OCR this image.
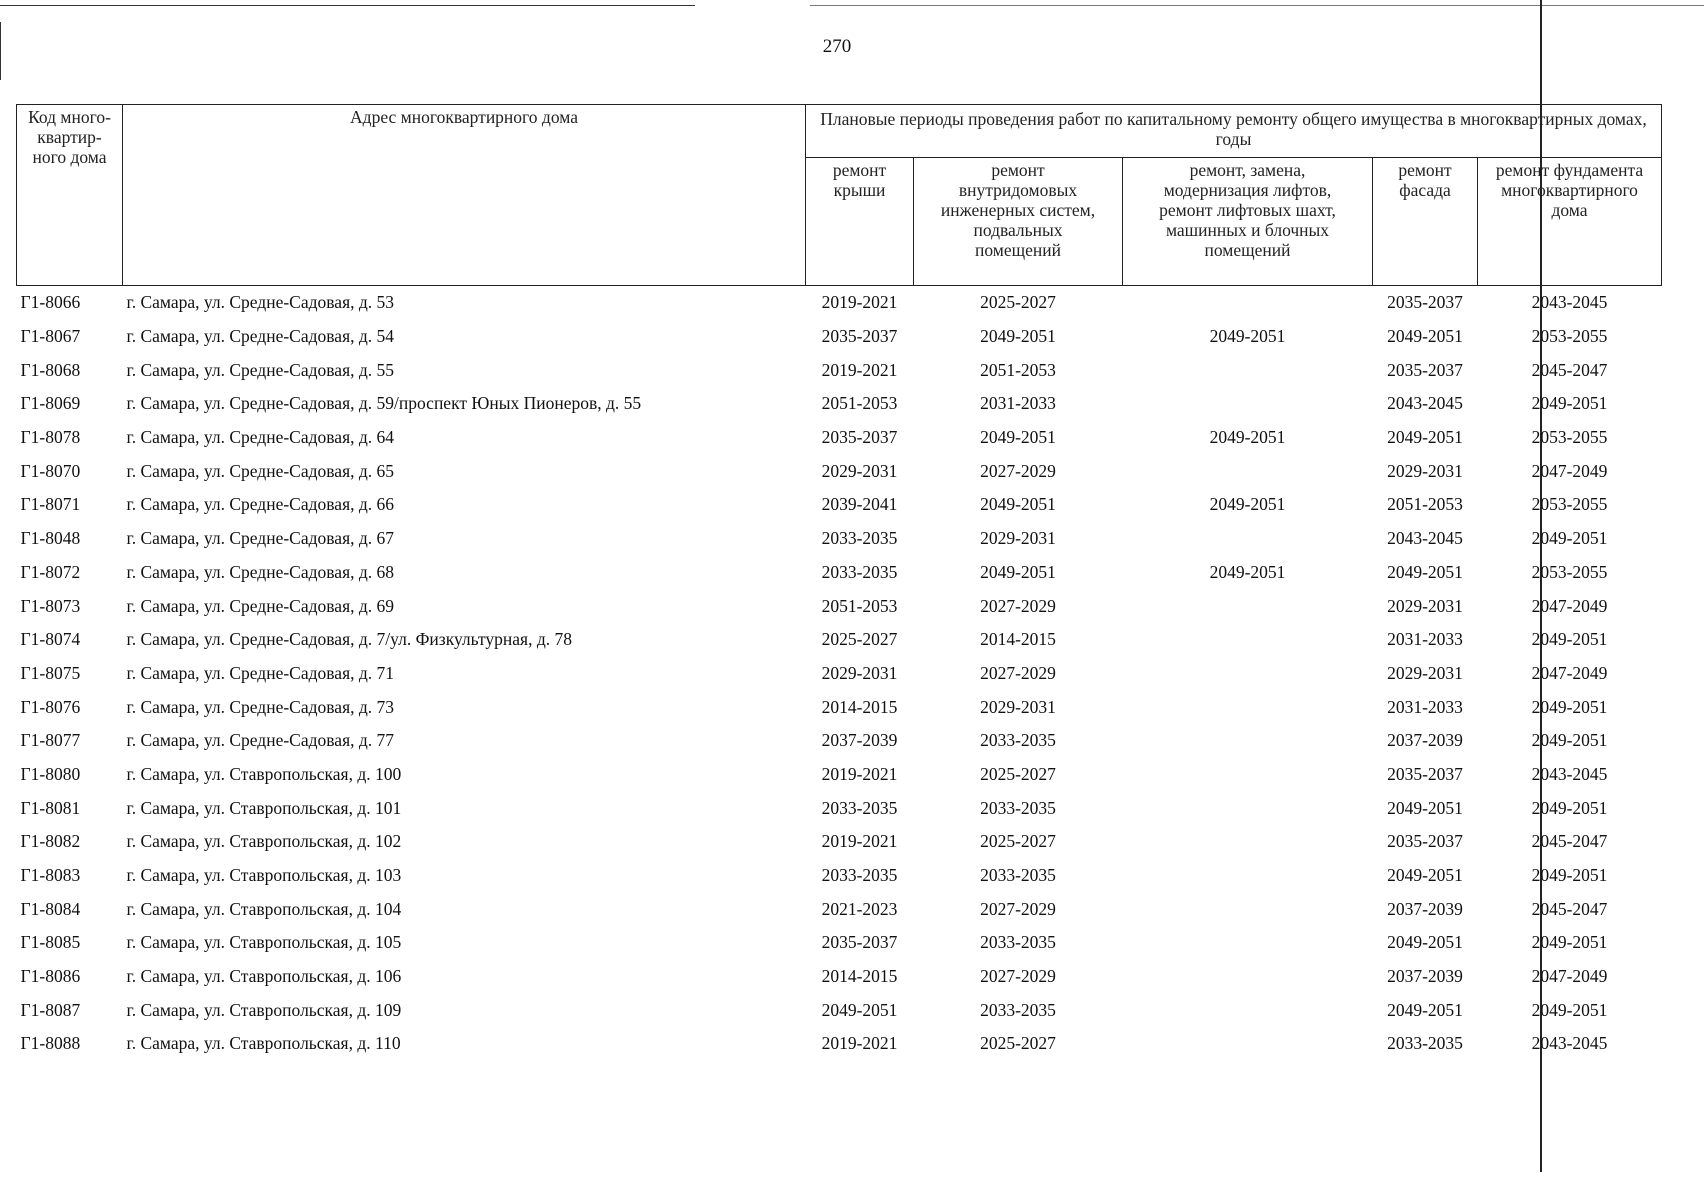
270
Код много-
квартир-
ного дома	Адрес многоквартирного дома	Плановые периоды проведения работ по капитальному ремонту общего имущества в многоквартирных домах, годы				
		ремонт
крыши	ремонт
внутридомовых
инженерных систем,
подвальных
помещений	ремонт, замена,
модернизация лифтов,
ремонт лифтовых шахт,
машинных и блочных
помещений	ремонт
фасада	ремонт фундамента
многоквартирного
дома
Г1-8066	г. Самара, ул. Средне-Садовая, д. 53	2019-2021	2025-2027		2035-2037	2043-2045
Г1-8067	г. Самара, ул. Средне-Садовая, д. 54	2035-2037	2049-2051	2049-2051	2049-2051	2053-2055
Г1-8068	г. Самара, ул. Средне-Садовая, д. 55	2019-2021	2051-2053		2035-2037	2045-2047
Г1-8069	г. Самара, ул. Средне-Садовая, д. 59/проспект Юных Пионеров, д. 55	2051-2053	2031-2033		2043-2045	2049-2051
Г1-8078	г. Самара, ул. Средне-Садовая, д. 64	2035-2037	2049-2051	2049-2051	2049-2051	2053-2055
Г1-8070	г. Самара, ул. Средне-Садовая, д. 65	2029-2031	2027-2029		2029-2031	2047-2049
Г1-8071	г. Самара, ул. Средне-Садовая, д. 66	2039-2041	2049-2051	2049-2051	2051-2053	2053-2055
Г1-8048	г. Самара, ул. Средне-Садовая, д. 67	2033-2035	2029-2031		2043-2045	2049-2051
Г1-8072	г. Самара, ул. Средне-Садовая, д. 68	2033-2035	2049-2051	2049-2051	2049-2051	2053-2055
Г1-8073	г. Самара, ул. Средне-Садовая, д. 69	2051-2053	2027-2029		2029-2031	2047-2049
Г1-8074	г. Самара, ул. Средне-Садовая, д. 7/ул. Физкультурная, д. 78	2025-2027	2014-2015		2031-2033	2049-2051
Г1-8075	г. Самара, ул. Средне-Садовая, д. 71	2029-2031	2027-2029		2029-2031	2047-2049
Г1-8076	г. Самара, ул. Средне-Садовая, д. 73	2014-2015	2029-2031		2031-2033	2049-2051
Г1-8077	г. Самара, ул. Средне-Садовая, д. 77	2037-2039	2033-2035		2037-2039	2049-2051
Г1-8080	г. Самара, ул. Ставропольская, д. 100	2019-2021	2025-2027		2035-2037	2043-2045
Г1-8081	г. Самара, ул. Ставропольская, д. 101	2033-2035	2033-2035		2049-2051	2049-2051
Г1-8082	г. Самара, ул. Ставропольская, д. 102	2019-2021	2025-2027		2035-2037	2045-2047
Г1-8083	г. Самара, ул. Ставропольская, д. 103	2033-2035	2033-2035		2049-2051	2049-2051
Г1-8084	г. Самара, ул. Ставропольская, д. 104	2021-2023	2027-2029		2037-2039	2045-2047
Г1-8085	г. Самара, ул. Ставропольская, д. 105	2035-2037	2033-2035		2049-2051	2049-2051
Г1-8086	г. Самара, ул. Ставропольская, д. 106	2014-2015	2027-2029		2037-2039	2047-2049
Г1-8087	г. Самара, ул. Ставропольская, д. 109	2049-2051	2033-2035		2049-2051	2049-2051
Г1-8088	г. Самара, ул. Ставропольская, д. 110	2019-2021	2025-2027		2033-2035	2043-2045
